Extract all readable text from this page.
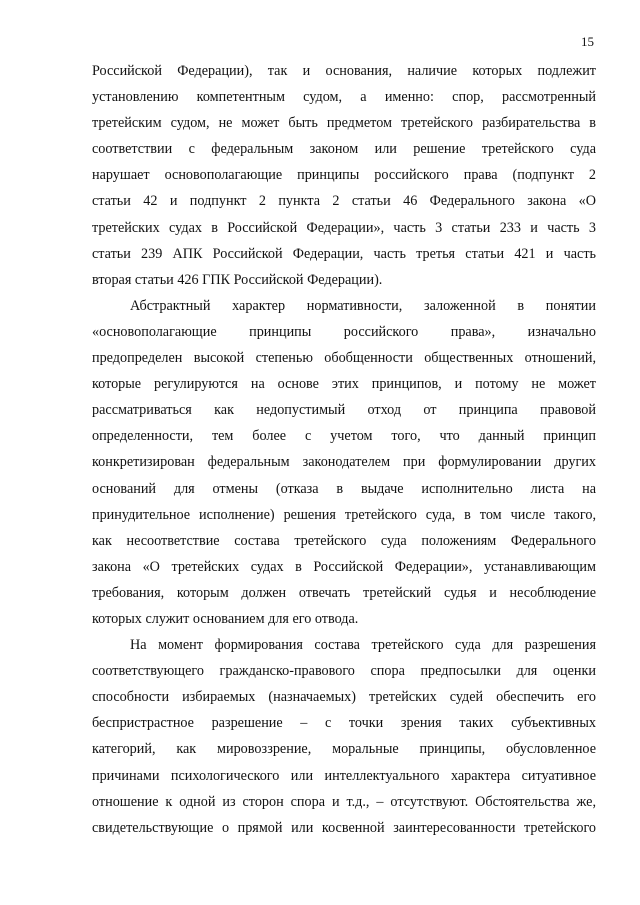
15
Российской Федерации), так и основания, наличие которых подлежит
установлению компетентным судом, а именно: спор, рассмотренный
третейским судом, не может быть предметом третейского разбирательства в
соответствии с федеральным законом или решение третейского суда
нарушает основополагающие принципы российского права (подпункт 2
статьи 42 и подпункт 2 пункта 2 статьи 46 Федерального закона «О
третейских судах в Российской Федерации», часть 3 статьи 233 и часть 3
статьи 239 АПК Российской Федерации, часть третья статьи 421 и часть
вторая статьи 426 ГПК Российской Федерации).
Абстрактный характер нормативности, заложенной в понятии
«основополагающие принципы российского права», изначально
предопределен высокой степенью обобщенности общественных отношений,
которые регулируются на основе этих принципов, и потому не может
рассматриваться как недопустимый отход от принципа правовой
определенности, тем более с учетом того, что данный принцип
конкретизирован федеральным законодателем при формулировании других
оснований для отмены (отказа в выдаче исполнительно листа на
принудительное исполнение) решения третейского суда, в том числе такого,
как несоответствие состава третейского суда положениям Федерального
закона «О третейских судах в Российской Федерации», устанавливающим
требования, которым должен отвечать третейский судья и несоблюдение
которых служит основанием для его отвода.
На момент формирования состава третейского суда для разрешения
соответствующего гражданско-правового спора предпосылки для оценки
способности избираемых (назначаемых) третейских судей обеспечить его
беспристрастное разрешение – с точки зрения таких субъективных
категорий, как мировоззрение, моральные принципы, обусловленное
причинами психологического или интеллектуального характера ситуативное
отношение к одной из сторон спора и т.д., – отсутствуют. Обстоятельства же,
свидетельствующие о прямой или косвенной заинтересованности третейского
